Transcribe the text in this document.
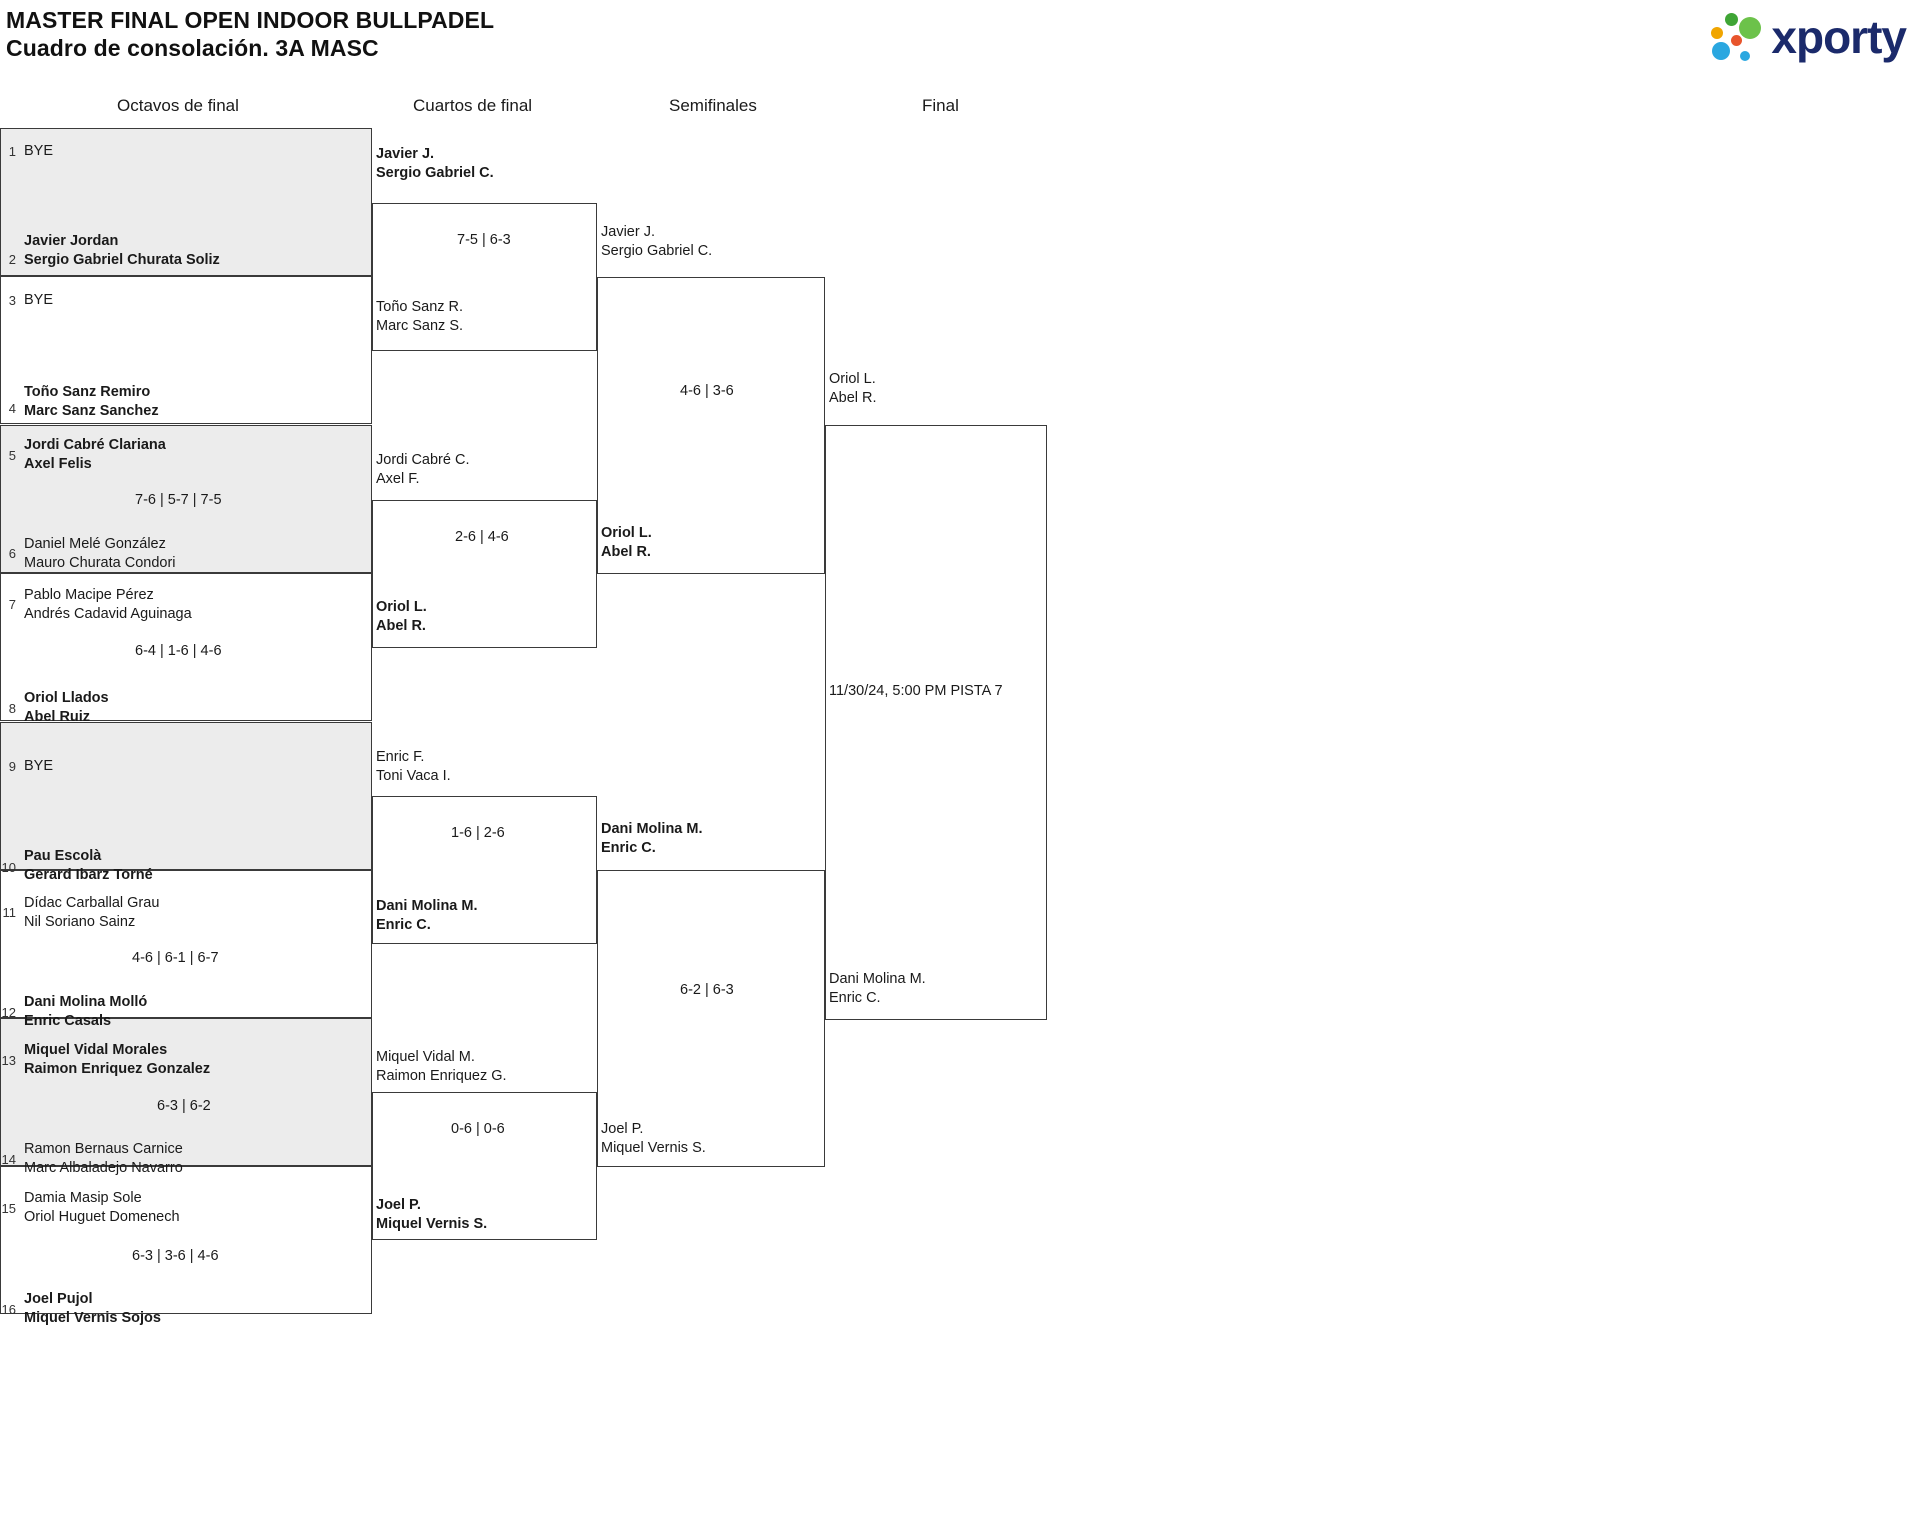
MASTER FINAL OPEN INDOOR BULLPADEL
Cuadro de consolación. 3A MASC	xporty
Octavos de final	Cuartos de final	Semifinales	Final
1 BYE
2
Javier Jordan
Sergio Gabriel Churata Soliz
3 BYE
4
Toño Sanz Remiro
Marc Sanz Sanchez
5
Jordi Cabré Clariana
Axel Felis
7-6 | 5-7 | 7-5
6
Daniel Melé González
Mauro Churata Condori
7
Pablo Macipe Pérez
Andrés Cadavid Aguinaga
6-4 | 1-6 | 4-6
8
Oriol Llados
Abel Ruiz
9 BYE
10
Pau Escolà
Gerard Ibarz Torné
11
Dídac Carballal Grau
Nil Soriano Sainz
4-6 | 6-1 | 6-7
12
Dani Molina Molló
Enric Casals
13
Miquel Vidal Morales
Raimon Enriquez Gonzalez
6-3 | 6-2
14
Ramon Bernaus Carnice
Marc Albaladejo Navarro
15
Damia Masip Sole
Oriol Huguet Domenech
6-3 | 3-6 | 4-6
16
Joel Pujol
Miquel Vernis Sojos
Javier J.
Sergio Gabriel C.
7-5 | 6-3
Toño Sanz R.
Marc Sanz S.
Jordi Cabré C.
Axel F.
2-6 | 4-6
Oriol L.
Abel R.
Enric F.
Toni Vaca I.
1-6 | 2-6
Dani Molina M.
Enric C.
Miquel Vidal M.
Raimon Enriquez G.
0-6 | 0-6
Joel P.
Miquel Vernis S.
Javier J.
Sergio Gabriel C.
4-6 | 3-6
Oriol L.
Abel R.
Dani Molina M.
Enric C.
6-2 | 6-3
Joel P.
Miquel Vernis S.
Oriol L.
Abel R.
11/30/24, 5:00 PM PISTA 7
Dani Molina M.
Enric C.
